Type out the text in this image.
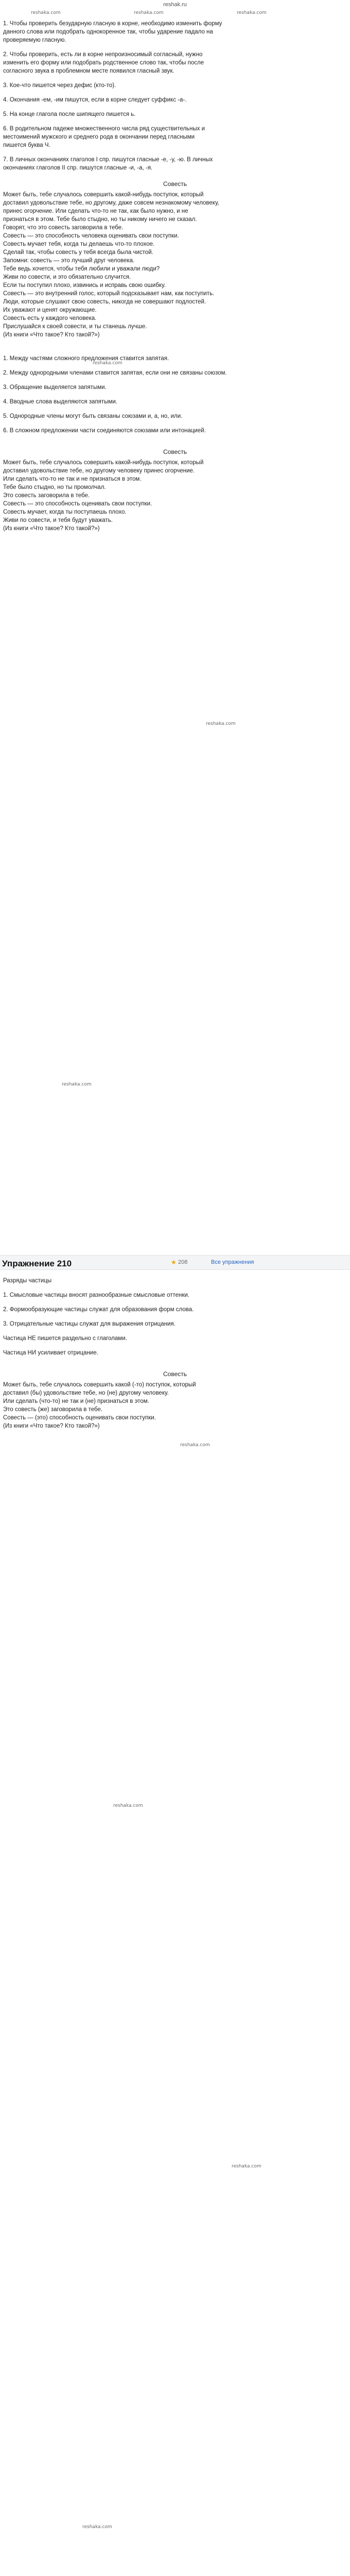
reshak.ru
reshaka.com	reshaka.com	reshaka.com
reshaka.com
reshaka.com
reshaka.com
reshaka.com
reshaka.com
reshaka.com
reshaka.com
1. Чтобы проверить безударную гласную в корне, необходимо изменить форму
данного слова или подобрать однокоренное так, чтобы ударение падало на
проверяемую гласную.
2. Чтобы проверить, есть ли в корне непроизносимый согласный, нужно
изменить его форму или подобрать родственное слово так, чтобы после
согласного звука в проблемном месте появился гласный звук.
3. Кое-что пишется через дефис (кто-то).
4. Окончания -ем, -им пишутся, если в корне следует суффикс -а-.
5. На конце глагола после шипящего пишется ь.
6. В родительном падеже множественного числа ряд существительных и
местоимений мужского и среднего рода в окончании перед гласными
пишется буква Ч.
7. В личных окончаниях глаголов I спр. пишутся гласные -е, -у, -ю. В личных
окончаниях глаголов II спр. пишутся гласные -и, -а, -я.
Совесть
Может быть, тебе случалось совершить какой-нибудь поступок, который
доставил удовольствие тебе, но другому, даже совсем незнакомому человеку,
принес огорчение. Или сделать что-то не так, как было нужно, и не
признаться в этом. Тебе было стыдно, но ты никому ничего не сказал.
Говорят, что это совесть заговорила в тебе.
Совесть — это способность человека оценивать свои поступки.
Совесть мучает тебя, когда ты делаешь что-то плохое.
Сделай так, чтобы совесть у тебя всегда была чистой.
Запомни: совесть — это лучший друг человека.
Тебе ведь хочется, чтобы тебя любили и уважали люди?
Живи по совести, и это обязательно случится.
Если ты поступил плохо, извинись и исправь свою ошибку.
Совесть — это внутренний голос, который подсказывает нам, как поступить.
Люди, которые слушают свою совесть, никогда не совершают подлостей.
Их уважают и ценят окружающие.
Совесть есть у каждого человека.
Прислушайся к своей совести, и ты станешь лучше.
(Из книги «Что такое? Кто такой?»)
1. Между частями сложного предложения ставится запятая.
2. Между однородными членами ставится запятая, если они не связаны союзом.
3. Обращение выделяется запятыми.
4. Вводные слова выделяются запятыми.
5. Однородные члены могут быть связаны союзами и, а, но, или.
6. В сложном предложении части соединяются союзами или интонацией.
Совесть
Может быть, тебе случалось совершить какой-нибудь поступок, который
доставил удовольствие тебе, но другому человеку принес огорчение.
Или сделать что-то не так и не признаться в этом.
Тебе было стыдно, но ты промолчал.
Это совесть заговорила в тебе.
Совесть — это способность оценивать свои поступки.
Совесть мучает, когда ты поступаешь плохо.
Живи по совести, и тебя будут уважать.
(Из книги «Что такое? Кто такой?»)
Упражнение 210	★ 208	Все упражнения
Разряды частицы
1. Смысловые частицы вносят разнообразные смысловые оттенки.
2. Формообразующие частицы служат для образования форм слова.
3. Отрицательные частицы служат для выражения отрицания.
Частица НЕ пишется раздельно с глаголами.
Частица НИ усиливает отрицание.
Совесть
Может быть, тебе случалось совершить какой (-то) поступок, который
доставил (бы) удовольствие тебе, но (не) другому человеку.
Или сделать (что-то) не так и (не) признаться в этом.
Это совесть (же) заговорила в тебе.
Совесть — (это) способность оценивать свои поступки.
(Из книги «Что такое? Кто такой?»)
